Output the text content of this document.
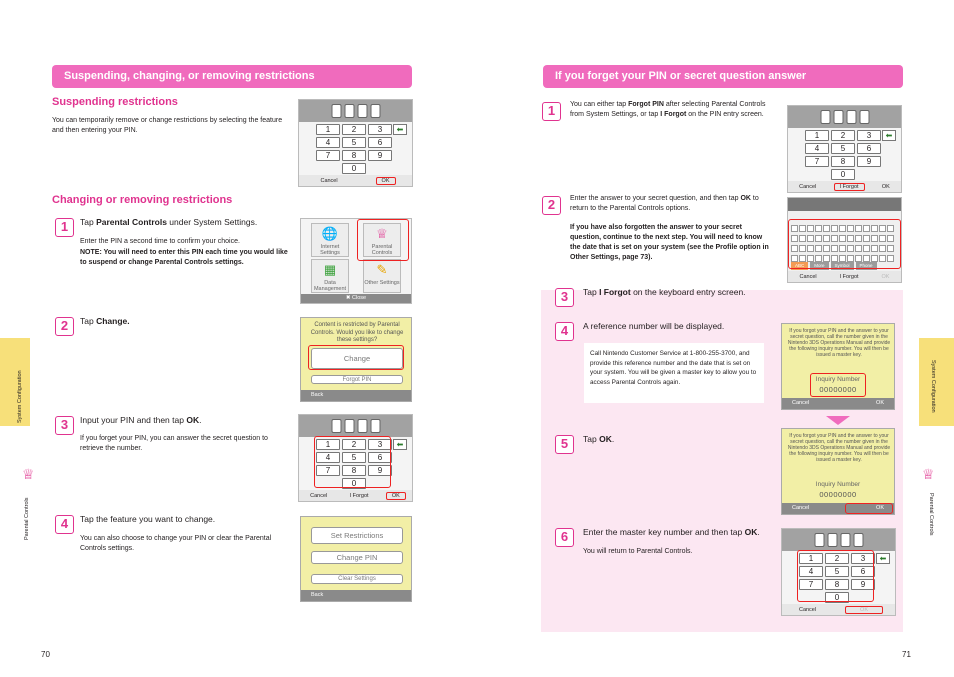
Suspending, changing, or removing restrictions
Suspending restrictions
You can temporarily remove or change restrictions by selecting the feature and then entering your PIN.	1	2	3
4	5	6
7	8	9
0
⬅
Cancel	OK
Changing or removing restrictions
1	Tap Parental Controls under System Settings.
Enter the PIN a second time to confirm your choice.
NOTE: You will need to enter this PIN each time you would like to suspend or change Parental Controls settings.
🌐
Internet Settings
♕
Parental Controls
▦
Data Management
✎
Other Settings
✖ Close
2	Tap Change.	Content is restricted by Parental Controls. Would you like to change these settings?
Change
Forgot PIN
Back
3	Input your PIN and then tap OK.
If you forget your PIN, you can answer the secret question to retrieve the number.	1	2	3
4	5	6
7	8	9
0
⬅
Cancel	I Forgot	OK
4	Tap the feature you want to change.
You can also choose to change your PIN or clear the Parental Controls settings.
Set Restrictions
Change PIN
Clear Settings
Back
System Configuration
♕
Parental Controls
70
If you forget your PIN or secret question answer
1	You can either tap Forgot PIN after selecting Parental Controls from System Settings, or tap I Forgot on the PIN entry screen.
1	2	3
4	5	6
7	8	9
0
⬅
Cancel	I Forgot	OK
2	Enter the answer to your secret question, and then tap OK to return to the Parental Controls options.
If you have also forgotten the answer to your secret question, continue to the next step. You will need to know the date that is set on your system (see the Profile option in Other Settings, page 73).
ABC	More	Symbol	Phone
Cancel	I Forgot	OK
3	Tap I Forgot on the keyboard entry screen.
4	A reference number will be displayed.
Call Nintendo Customer Service at 1-800-255-3700, and provide this reference number and the date that is set on your system. You will be given a master key to allow you to access Parental Controls again.
If you forgot your PIN and the answer to your secret question, call the number given in the Nintendo 3DS Operations Manual and provide the following inquiry number. You will then be issued a master key.
Inquiry Number
00000000
Cancel	OK
5	Tap OK.	If you forgot your PIN and the answer to your secret question, call the number given in the Nintendo 3DS Operations Manual and provide the following inquiry number. You will then be issued a master key.
Inquiry Number
00000000
Cancel	OK
6	Enter the master key number and then tap OK.
You will return to Parental Controls.
1	2	3
4	5	6
7	8	9
0
⬅
Cancel	OK
System Configuration
♕
Parental Controls
71
